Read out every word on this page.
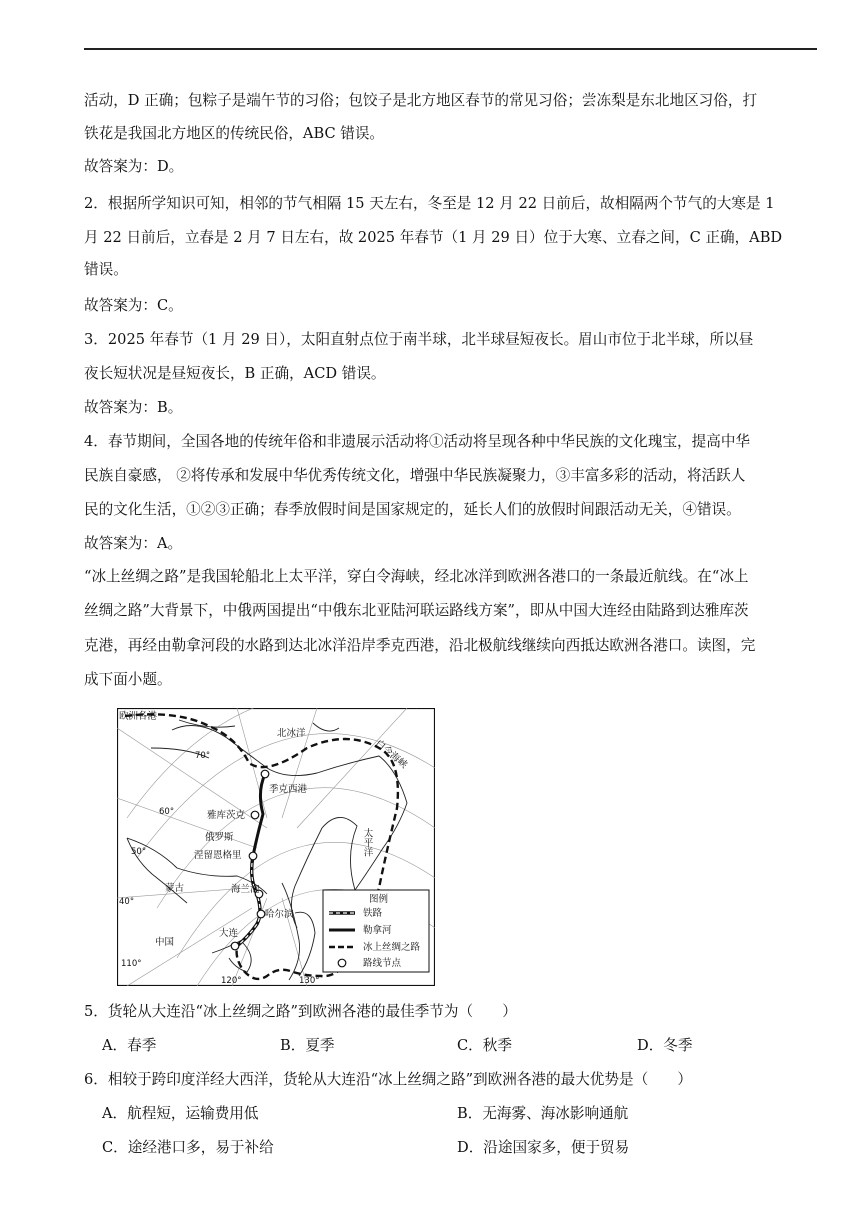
活动，D 正确；包粽子是端午节的习俗；包饺子是北方地区春节的常见习俗；尝冻梨是东北地区习俗，打
铁花是我国北方地区的传统民俗，ABC 错误。
故答案为：D。
2．根据所学知识可知，相邻的节气相隔 15 天左右，冬至是 12 月 22 日前后，故相隔两个节气的大寒是 1
月 22 日前后，立春是 2 月 7 日左右，故 2025 年春节（1 月 29 日）位于大寒、立春之间，C 正确，ABD
错误。
故答案为：C。
3．2025 年春节（1 月 29 日），太阳直射点位于南半球，北半球昼短夜长。眉山市位于北半球，所以昼
夜长短状况是昼短夜长，B 正确，ACD 错误。
故答案为：B。
4．春节期间，全国各地的传统年俗和非遗展示活动将①活动将呈现各种中华民族的文化瑰宝，提高中华
民族自豪感， ②将传承和发展中华优秀传统文化，增强中华民族凝聚力，③丰富多彩的活动，将活跃人
民的文化生活，①②③正确；春季放假时间是国家规定的，延长人们的放假时间跟活动无关，④错误。
故答案为：A。
“冰上丝绸之路”是我国轮船北上太平洋，穿白令海峡，经北冰洋到欧洲各港口的一条最近航线。在“冰上
丝绸之路”大背景下，中俄两国提出“中俄东北亚陆河联运路线方案”，即从中国大连经由陆路到达雅库茨
克港，再经由勒拿河段的水路到达北冰洋沿岸季克西港，沿北极航线继续向西抵达欧洲各港口。读图，完
成下面小题。
欧洲各港
北冰洋
白令海峡
季克西港
雅库茨克
俄罗斯
涅留恩格里
蒙古	海兰泡
哈尔滨
大连
中国
太平洋
70°
60°
50°
40°
110°
120°	130°
图例
铁路
勒拿河
冰上丝绸之路
路线节点
5．货轮从大连沿“冰上丝绸之路”到欧洲各港的最佳季节为（　　）
A．春季	B．夏季	C．秋季	D．冬季
6．相较于跨印度洋经大西洋，货轮从大连沿“冰上丝绸之路”到欧洲各港的最大优势是（　　）
A．航程短，运输费用低	B．无海雾、海冰影响通航
C．途经港口多，易于补给	D．沿途国家多，便于贸易
